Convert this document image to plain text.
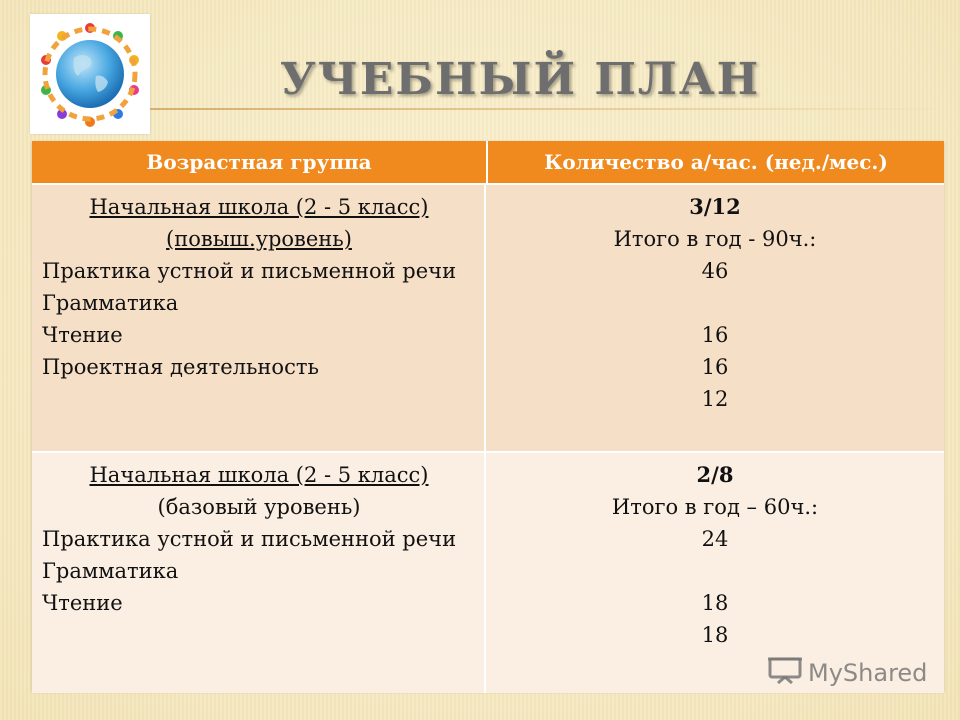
УЧЕБНЫЙ ПЛАН
Возрастная группа	Количество а/час. (нед./мес.)
Начальная школа (2 - 5 класс)
(повыш.уровень)
Практика устной и письменной речи
Грамматика
Чтение
Проектная деятельность
3/12
Итого в год - 90ч.:
46
16
16
12
Начальная школа (2 - 5 класс)
(базовый уровень)
Практика устной и письменной речи
Грамматика
Чтение
2/8
Итого в год – 60ч.:
24
18
18
MyShared
